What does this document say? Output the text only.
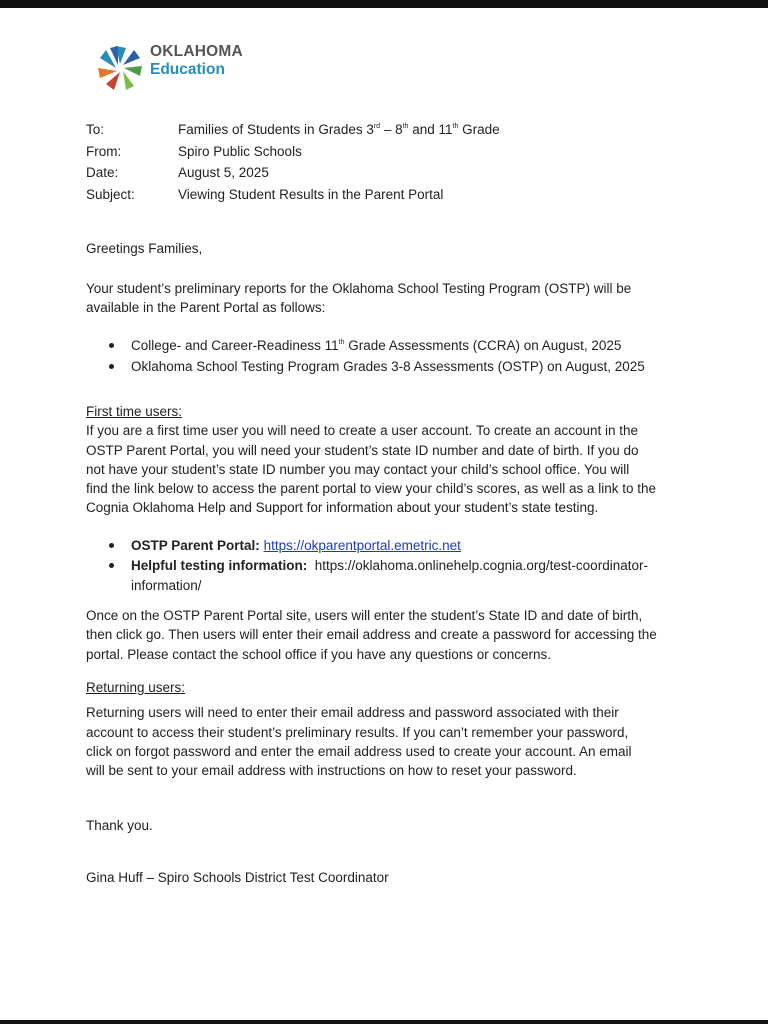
OKLAHOMA
Education
To:	Families of Students in Grades 3rd – 8th and 11th Grade
From:	Spiro Public Schools
Date:	August 5, 2025
Subject:	Viewing Student Results in the Parent Portal
Greetings Families,
Your student’s preliminary reports for the Oklahoma School Testing Program (OSTP) will be
available in the Parent Portal as follows:
College- and Career-Readiness 11th Grade Assessments (CCRA) on August, 2025
Oklahoma School Testing Program Grades 3-8 Assessments (OSTP) on August, 2025
First time users:
If you are a first time user you will need to create a user account. To create an account in the
OSTP Parent Portal, you will need your student’s state ID number and date of birth. If you do
not have your student’s state ID number you may contact your child’s school office. You will
find the link below to access the parent portal to view your child’s scores, as well as a link to the
Cognia Oklahoma Help and Support for information about your student’s state testing.
OSTP Parent Portal: https://okparentportal.emetric.net
Helpful testing information: https://oklahoma.onlinehelp.cognia.org/test-coordinator-
information/
Once on the OSTP Parent Portal site, users will enter the student’s State ID and date of birth,
then click go. Then users will enter their email address and create a password for accessing the
portal. Please contact the school office if you have any questions or concerns.
Returning users:
Returning users will need to enter their email address and password associated with their
account to access their student’s preliminary results. If you can’t remember your password,
click on forgot password and enter the email address used to create your account. An email
will be sent to your email address with instructions on how to reset your password.
Thank you.
Gina Huff – Spiro Schools District Test Coordinator
